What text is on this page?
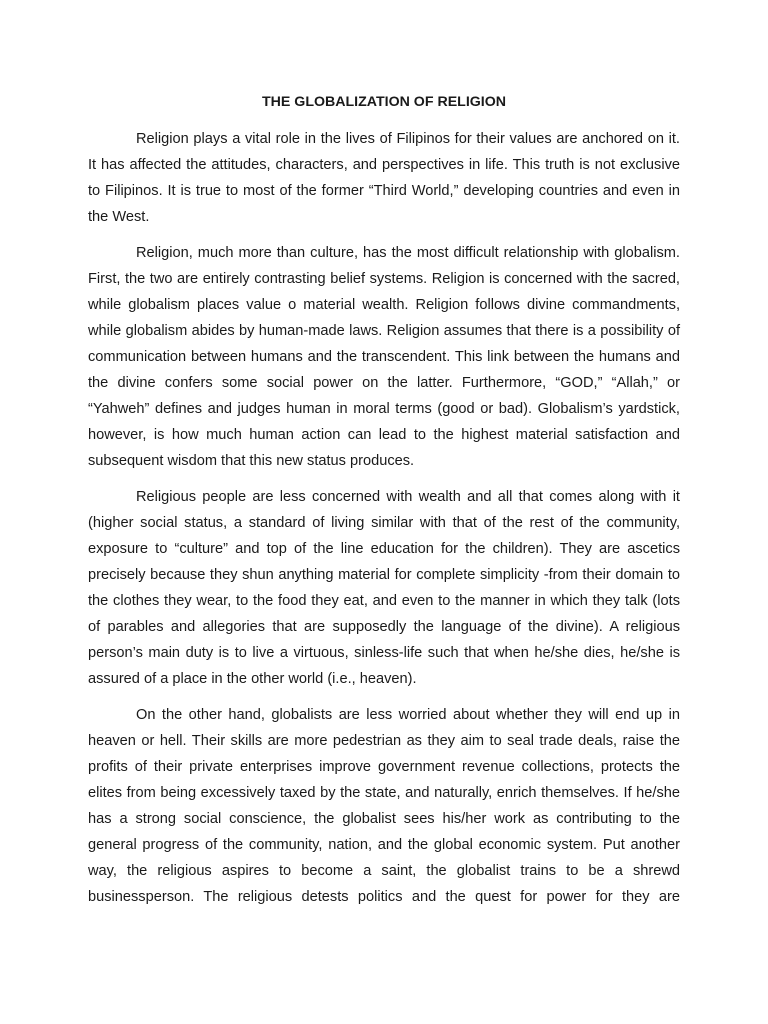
THE GLOBALIZATION OF RELIGION

Religion plays a vital role in the lives of Filipinos for their values are anchored on it. It has affected the attitudes, characters, and perspectives in life. This truth is not exclusive to Filipinos. It is true to most of the former “Third World,” developing countries and even in the West.

Religion, much more than culture, has the most difficult relationship with globalism. First, the two are entirely contrasting belief systems. Religion is concerned with the sacred, while globalism places value o material wealth. Religion follows divine commandments, while globalism abides by human-made laws. Religion assumes that there is a possibility of communication between humans and the transcendent. This link between the humans and the divine confers some social power on the latter. Furthermore, “GOD,” “Allah,” or “Yahweh” defines and judges human in moral terms (good or bad). Globalism’s yardstick, however, is how much human action can lead to the highest material satisfaction and subsequent wisdom that this new status produces.

Religious people are less concerned with wealth and all that comes along with it (higher social status, a standard of living similar with that of the rest of the community, exposure to “culture” and top of the line education for the children). They are ascetics precisely because they shun anything material for complete simplicity -from their domain to the clothes they wear, to the food they eat, and even to the manner in which they talk (lots of parables and allegories that are supposedly the language of the divine). A religious person’s main duty is to live a virtuous, sinless-life such that when he/she dies, he/she is assured of a place in the other world (i.e., heaven).

On the other hand, globalists are less worried about whether they will end up in heaven or hell. Their skills are more pedestrian as they aim to seal trade deals, raise the profits of their private enterprises improve government revenue collections, protects the elites from being excessively taxed by the state, and naturally, enrich themselves. If he/she has a strong social conscience, the globalist sees his/her work as contributing to the general progress of the community, nation, and the global economic system. Put another way, the religious aspires to become a saint, the globalist trains to be a shrewd businessperson. The religious detests politics and the quest for power for they are
